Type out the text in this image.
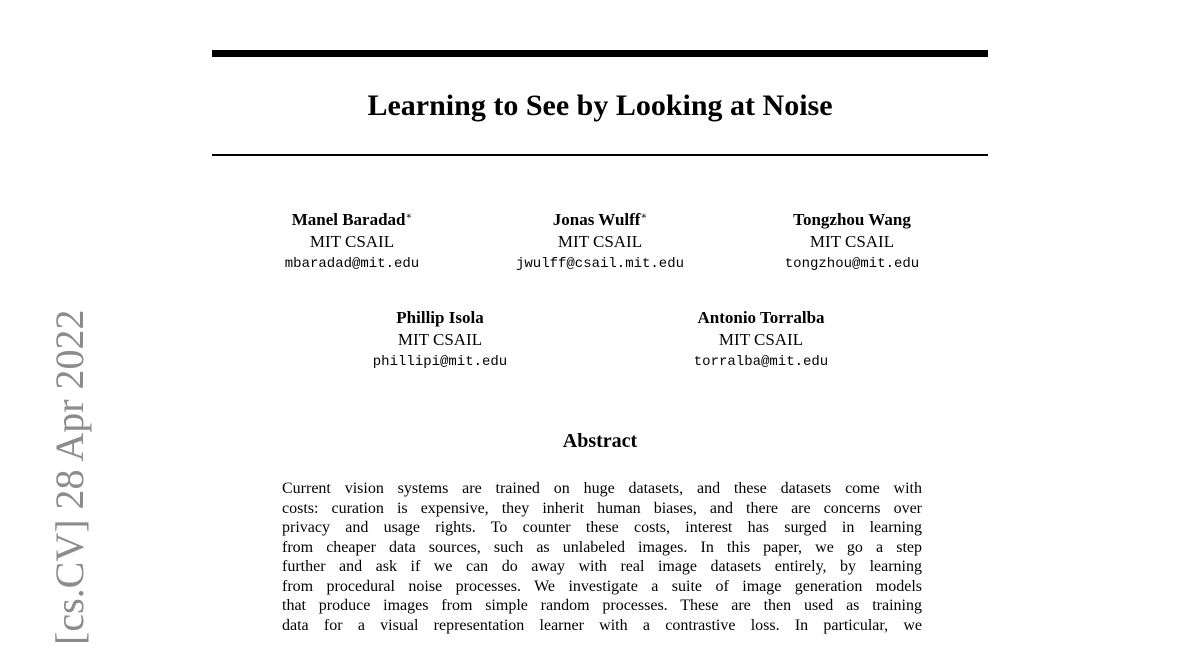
[cs.CV] 28 Apr 2022
Learning to See by Looking at Noise
Manel Baradad∗
MIT CSAIL
mbaradad@mit.edu
Jonas Wulff∗
MIT CSAIL
jwulff@csail.mit.edu
Tongzhou Wang
MIT CSAIL
tongzhou@mit.edu
Phillip Isola
MIT CSAIL
phillipi@mit.edu
Antonio Torralba
MIT CSAIL
torralba@mit.edu
Abstract
Current vision systems are trained on huge datasets, and these datasets come with
costs: curation is expensive, they inherit human biases, and there are concerns over
privacy and usage rights. To counter these costs, interest has surged in learning
from cheaper data sources, such as unlabeled images. In this paper, we go a step
further and ask if we can do away with real image datasets entirely, by learning
from procedural noise processes. We investigate a suite of image generation models
that produce images from simple random processes. These are then used as training
data for a visual representation learner with a contrastive loss. In particular, we
